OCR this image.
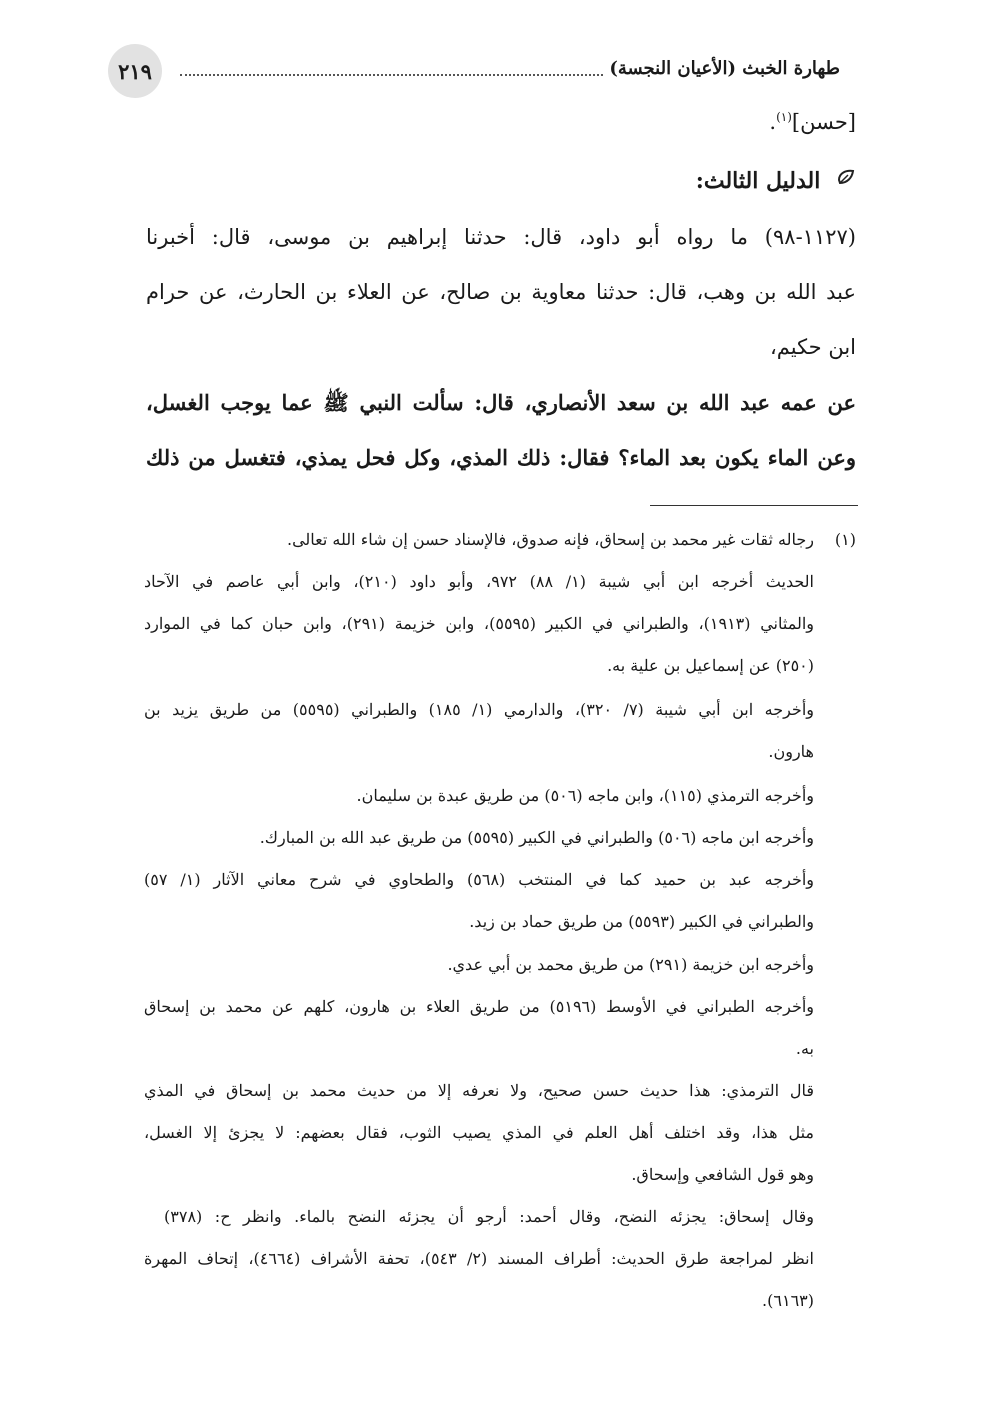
٢١٩	طهارة الخبث (الأعيان النجسة)
[حسن]$^{(١)}$.
الدليل الثالث:
(١١٢٧-٩٨) ما رواه أبو داود، قال: حدثنا إبراهيم بن موسى، قال: أخبرنا
عبد الله بن وهب، قال: حدثنا معاوية بن صالح، عن العلاء بن الحارث، عن حرام
ابن حكيم،
عن عمه عبد الله بن سعد الأنصاري، قال: سألت النبي ﷺ عما يوجب الغسل،
وعن الماء يكون بعد الماء؟ فقال: ذلك المذي، وكل فحل يمذي، فتغسل من ذلك
(١)
رجاله ثقات غير محمد بن إسحاق، فإنه صدوق، فالإسناد حسن إن شاء الله تعالى.
الحديث أخرجه ابن أبي شيبة (١/ ٨٨) ٩٧٢، وأبو داود (٢١٠)، وابن أبي عاصم في الآحاد
والمثاني (١٩١٣)، والطبراني في الكبير (٥٥٩٥)، وابن خزيمة (٢٩١)، وابن حبان كما في الموارد
(٢٥٠) عن إسماعيل بن علية به.
وأخرجه ابن أبي شيبة (٧/ ٣٢٠)، والدارمي (١/ ١٨٥) والطبراني (٥٥٩٥) من طريق يزيد بن
هارون.
وأخرجه الترمذي (١١٥)، وابن ماجه (٥٠٦) من طريق عبدة بن سليمان.
وأخرجه ابن ماجه (٥٠٦) والطبراني في الكبير (٥٥٩٥) من طريق عبد الله بن المبارك.
وأخرجه عبد بن حميد كما في المنتخب (٥٦٨) والطحاوي في شرح معاني الآثار (١/ ٥٧)
والطبراني في الكبير (٥٥٩٣) من طريق حماد بن زيد.
وأخرجه ابن خزيمة (٢٩١) من طريق محمد بن أبي عدي.
وأخرجه الطبراني في الأوسط (٥١٩٦) من طريق العلاء بن هارون، كلهم عن محمد بن إسحاق
به.
قال الترمذي: هذا حديث حسن صحيح، ولا نعرفه إلا من حديث محمد بن إسحاق في المذي
مثل هذا، وقد اختلف أهل العلم في المذي يصيب الثوب، فقال بعضهم: لا يجزئ إلا الغسل،
وهو قول الشافعي وإسحاق.
وقال إسحاق: يجزئه النضح، وقال أحمد: أرجو أن يجزئه النضح بالماء. وانظر ح: (٣٧٨)
انظر لمراجعة طرق الحديث: أطراف المسند (٢/ ٥٤٣)، تحفة الأشراف (٤٦٦٤)، إتحاف المهرة
(٦١٦٣).
